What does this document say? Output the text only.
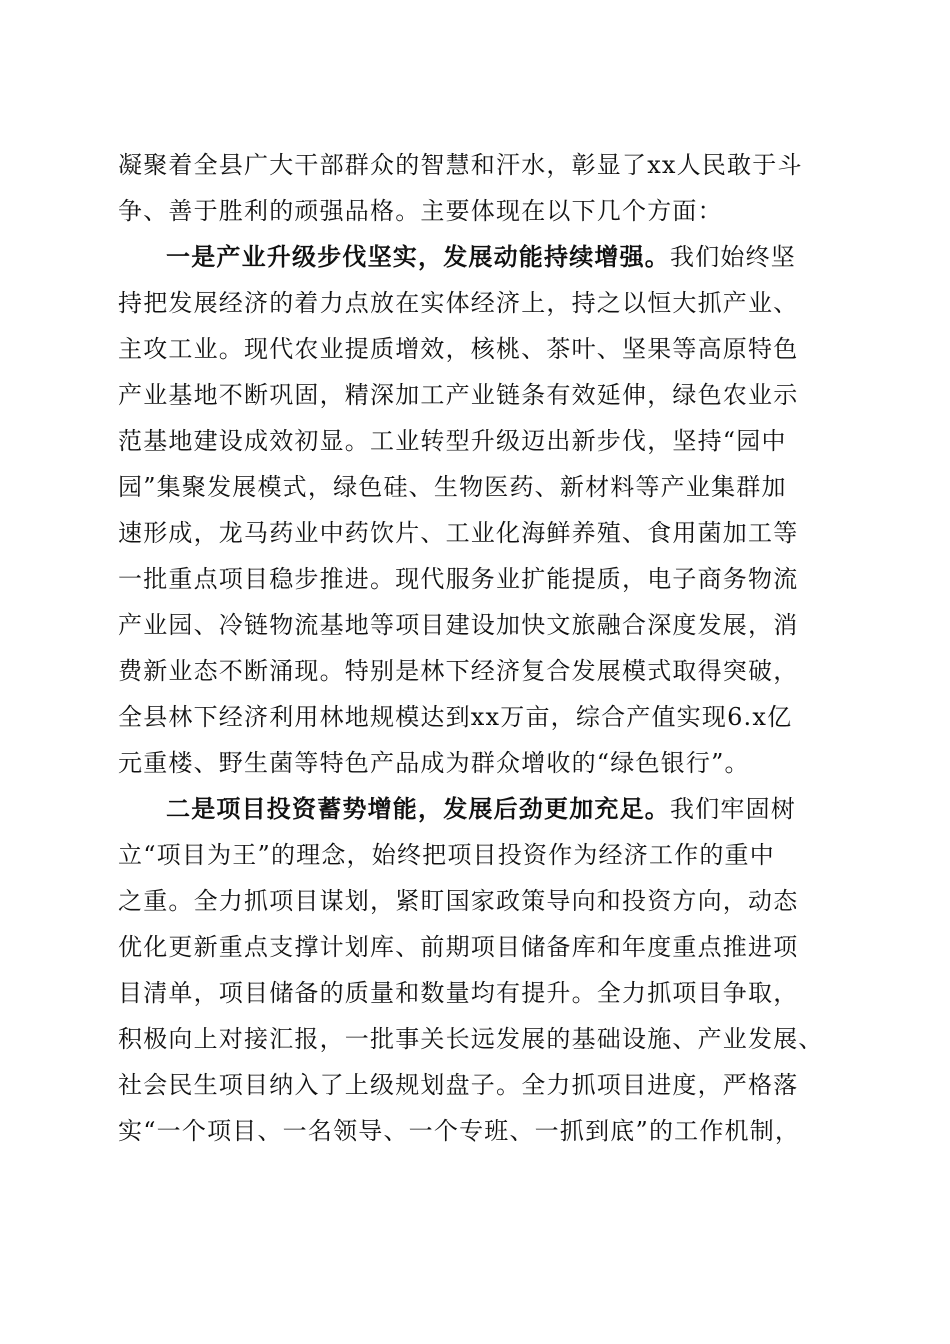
凝聚着全县广大干部群众的智慧和汗水，彰显了xx人民敢于斗
争、善于胜利的顽强品格。主要体现在以下几个方面：
一是产业升级步伐坚实，发展动能持续增强。我们始终坚
持把发展经济的着力点放在实体经济上，持之以恒大抓产业、
主攻工业。现代农业提质增效，核桃、茶叶、坚果等高原特色
产业基地不断巩固，精深加工产业链条有效延伸，绿色农业示
范基地建设成效初显。工业转型升级迈出新步伐，坚持“园中
园”集聚发展模式，绿色硅、生物医药、新材料等产业集群加
速形成，龙马药业中药饮片、工业化海鲜养殖、食用菌加工等
一批重点项目稳步推进。现代服务业扩能提质，电子商务物流
产业园、冷链物流基地等项目建设加快文旅融合深度发展，消
费新业态不断涌现。特别是林下经济复合发展模式取得突破，
全县林下经济利用林地规模达到xx万亩，综合产值实现6.x亿
元重楼、野生菌等特色产品成为群众增收的“绿色银行”。
二是项目投资蓄势增能，发展后劲更加充足。我们牢固树
立“项目为王”的理念，始终把项目投资作为经济工作的重中
之重。全力抓项目谋划，紧盯国家政策导向和投资方向，动态
优化更新重点支撑计划库、前期项目储备库和年度重点推进项
目清单，项目储备的质量和数量均有提升。全力抓项目争取，
积极向上对接汇报，一批事关长远发展的基础设施、产业发展、
社会民生项目纳入了上级规划盘子。全力抓项目进度，严格落
实“一个项目、一名领导、一个专班、一抓到底”的工作机制，
